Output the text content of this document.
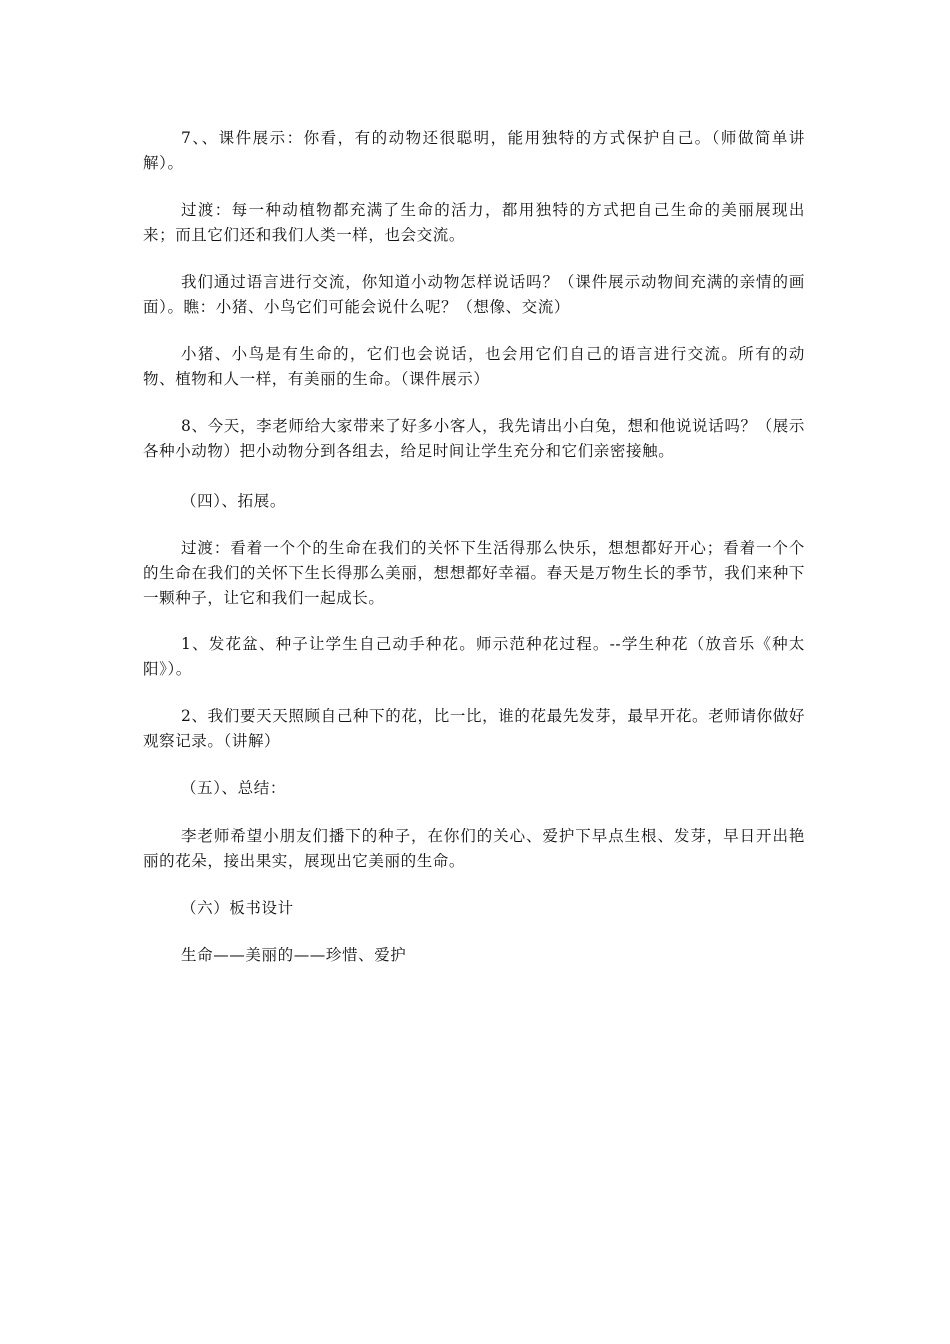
7、、课件展示：你看，有的动物还很聪明，能用独特的方式保护自己。（师做简单讲解）。

过渡：每一种动植物都充满了生命的活力，都用独特的方式把自己生命的美丽展现出来；而且它们还和我们人类一样，也会交流。

我们通过语言进行交流，你知道小动物怎样说话吗？（课件展示动物间充满的亲情的画面）。瞧：小猪、小鸟它们可能会说什么呢？（想像、交流）

小猪、小鸟是有生命的，它们也会说话，也会用它们自己的语言进行交流。所有的动物、植物和人一样，有美丽的生命。（课件展示）

8、今天，李老师给大家带来了好多小客人，我先请出小白兔，想和他说说话吗？（展示各种小动物）把小动物分到各组去，给足时间让学生充分和它们亲密接触。

（四）、拓展。

过渡：看着一个个的生命在我们的关怀下生活得那么快乐，想想都好开心；看着一个个的生命在我们的关怀下生长得那么美丽，想想都好幸福。春天是万物生长的季节，我们来种下一颗种子，让它和我们一起成长。

1、发花盆、种子让学生自己动手种花。师示范种花过程。--学生种花（放音乐《种太阳》）。

2、我们要天天照顾自己种下的花，比一比，谁的花最先发芽，最早开花。老师请你做好观察记录。（讲解）

（五）、总结：

李老师希望小朋友们播下的种子，在你们的关心、爱护下早点生根、发芽，早日开出艳丽的花朵，接出果实，展现出它美丽的生命。

（六）板书设计

生命——美丽的——珍惜、爱护
